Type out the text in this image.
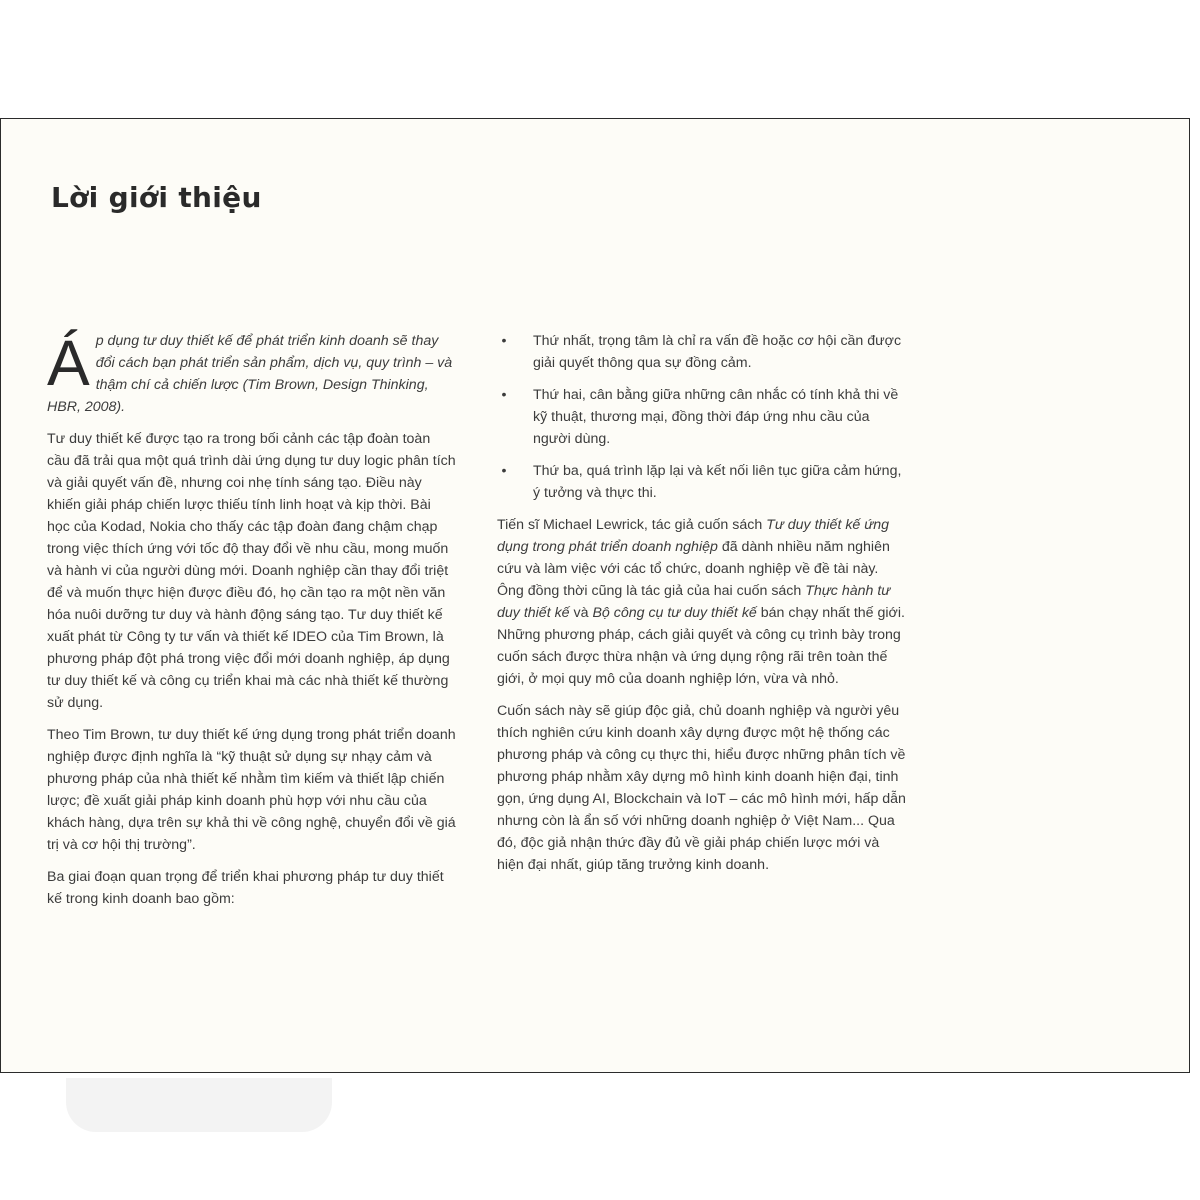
Lời giới thiệu

Áp dụng tư duy thiết kế để phát triển kinh doanh sẽ thay đổi cách bạn phát triển sản phẩm, dịch vụ, quy trình – và thậm chí cả chiến lược (Tim Brown, Design Thinking, HBR, 2008).

Tư duy thiết kế được tạo ra trong bối cảnh các tập đoàn toàn cầu đã trải qua một quá trình dài ứng dụng tư duy logic phân tích và giải quyết vấn đề, nhưng coi nhẹ tính sáng tạo. Điều này khiến giải pháp chiến lược thiếu tính linh hoạt và kịp thời. Bài học của Kodad, Nokia cho thấy các tập đoàn đang chậm chạp trong việc thích ứng với tốc độ thay đổi về nhu cầu, mong muốn và hành vi của người dùng mới. Doanh nghiệp cần thay đổi triệt để và muốn thực hiện được điều đó, họ cần tạo ra một nền văn hóa nuôi dưỡng tư duy và hành động sáng tạo. Tư duy thiết kế xuất phát từ Công ty tư vấn và thiết kế IDEO của Tim Brown, là phương pháp đột phá trong việc đổi mới doanh nghiệp, áp dụng tư duy thiết kế và công cụ triển khai mà các nhà thiết kế thường sử dụng.

Theo Tim Brown, tư duy thiết kế ứng dụng trong phát triển doanh nghiệp được định nghĩa là “kỹ thuật sử dụng sự nhạy cảm và phương pháp của nhà thiết kế nhằm tìm kiếm và thiết lập chiến lược; đề xuất giải pháp kinh doanh phù hợp với nhu cầu của khách hàng, dựa trên sự khả thi về công nghệ, chuyển đổi về giá trị và cơ hội thị trường”.

Ba giai đoạn quan trọng để triển khai phương pháp tư duy thiết kế trong kinh doanh bao gồm:

•	Thứ nhất, trọng tâm là chỉ ra vấn đề hoặc cơ hội cần được giải quyết thông qua sự đồng cảm.
•	Thứ hai, cân bằng giữa những cân nhắc có tính khả thi về kỹ thuật, thương mại, đồng thời đáp ứng nhu cầu của người dùng.
•	Thứ ba, quá trình lặp lại và kết nối liên tục giữa cảm hứng, ý tưởng và thực thi.

Tiến sĩ Michael Lewrick, tác giả cuốn sách Tư duy thiết kế ứng dụng trong phát triển doanh nghiệp đã dành nhiều năm nghiên cứu và làm việc với các tổ chức, doanh nghiệp về đề tài này. Ông đồng thời cũng là tác giả của hai cuốn sách Thực hành tư duy thiết kế và Bộ công cụ tư duy thiết kế bán chạy nhất thế giới. Những phương pháp, cách giải quyết và công cụ trình bày trong cuốn sách được thừa nhận và ứng dụng rộng rãi trên toàn thế giới, ở mọi quy mô của doanh nghiệp lớn, vừa và nhỏ.

Cuốn sách này sẽ giúp độc giả, chủ doanh nghiệp và người yêu thích nghiên cứu kinh doanh xây dựng được một hệ thống các phương pháp và công cụ thực thi, hiểu được những phân tích về phương pháp nhằm xây dựng mô hình kinh doanh hiện đại, tinh gọn, ứng dụng AI, Blockchain và IoT – các mô hình mới, hấp dẫn nhưng còn là ẩn số với những doanh nghiệp ở Việt Nam... Qua đó, độc giả nhận thức đầy đủ về giải pháp chiến lược mới và hiện đại nhất, giúp tăng trưởng kinh doanh.
